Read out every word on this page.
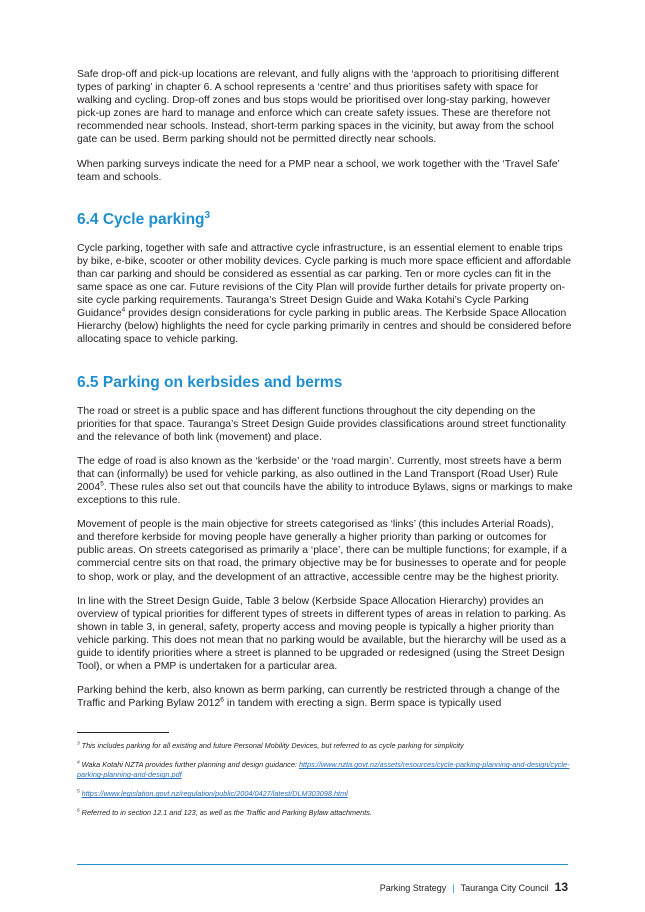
Safe drop-off and pick-up locations are relevant, and fully aligns with the ‘approach to prioritising different types of parking’ in chapter 6. A school represents a ‘centre’ and thus prioritises safety with space for walking and cycling. Drop-off zones and bus stops would be prioritised over long-stay parking, however pick-up zones are hard to manage and enforce which can create safety issues. These are therefore not recommended near schools. Instead, short-term parking spaces in the vicinity, but away from the school gate can be used. Berm parking should not be permitted directly near schools.

When parking surveys indicate the need for a PMP near a school, we work together with the ‘Travel Safe’ team and schools.

6.4 Cycle parking$^3$

Cycle parking, together with safe and attractive cycle infrastructure, is an essential element to enable trips by bike, e-bike, scooter or other mobility devices. Cycle parking is much more space efficient and affordable than car parking and should be considered as essential as car parking. Ten or more cycles can fit in the same space as one car. Future revisions of the City Plan will provide further details for private property on-site cycle parking requirements. Tauranga’s Street Design Guide and Waka Kotahi’s Cycle Parking Guidance$^4$ provides design considerations for cycle parking in public areas. The Kerbside Space Allocation Hierarchy (below) highlights the need for cycle parking primarily in centres and should be considered before allocating space to vehicle parking.

6.5 Parking on kerbsides and berms

The road or street is a public space and has different functions throughout the city depending on the priorities for that space. Tauranga’s Street Design Guide provides classifications around street functionality and the relevance of both link (movement) and place.

The edge of road is also known as the ‘kerbside’ or the ‘road margin’. Currently, most streets have a berm that can (informally) be used for vehicle parking, as also outlined in the Land Transport (Road User) Rule 2004$^5$. These rules also set out that councils have the ability to introduce Bylaws, signs or markings to make exceptions to this rule.

Movement of people is the main objective for streets categorised as ‘links’ (this includes Arterial Roads), and therefore kerbside for moving people have generally a higher priority than parking or outcomes for public areas. On streets categorised as primarily a ‘place’, there can be multiple functions; for example, if a commercial centre sits on that road, the primary objective may be for businesses to operate and for people to shop, work or play, and the development of an attractive, accessible centre may be the highest priority.

In line with the Street Design Guide, Table 3 below (Kerbside Space Allocation Hierarchy) provides an overview of typical priorities for different types of streets in different types of areas in relation to parking. As shown in table 3, in general, safety, property access and moving people is typically a higher priority than vehicle parking. This does not mean that no parking would be available, but the hierarchy will be used as a guide to identify priorities where a street is planned to be upgraded or redesigned (using the Street Design Tool), or when a PMP is undertaken for a particular area.

Parking behind the kerb, also known as berm parking, can currently be restricted through a change of the Traffic and Parking Bylaw 2012$^6$ in tandem with erecting a sign. Berm space is typically used

$^3$ This includes parking for all existing and future Personal Mobility Devices, but referred to as cycle parking for simplicity

$^4$ Waka Kotahi NZTA provides further planning and design guidance: https://www.nzta.govt.nz/assets/resources/cycle-parking-planning-and-design/cycle-parking-planning-and-design.pdf

$^5$ https://www.legislation.govt.nz/regulation/public/2004/0427/latest/DLM303098.html

$^6$ Referred to in section 12.1 and 123, as well as the Traffic and Parking Bylaw attachments.

Parking Strategy | Tauranga City Council 13
